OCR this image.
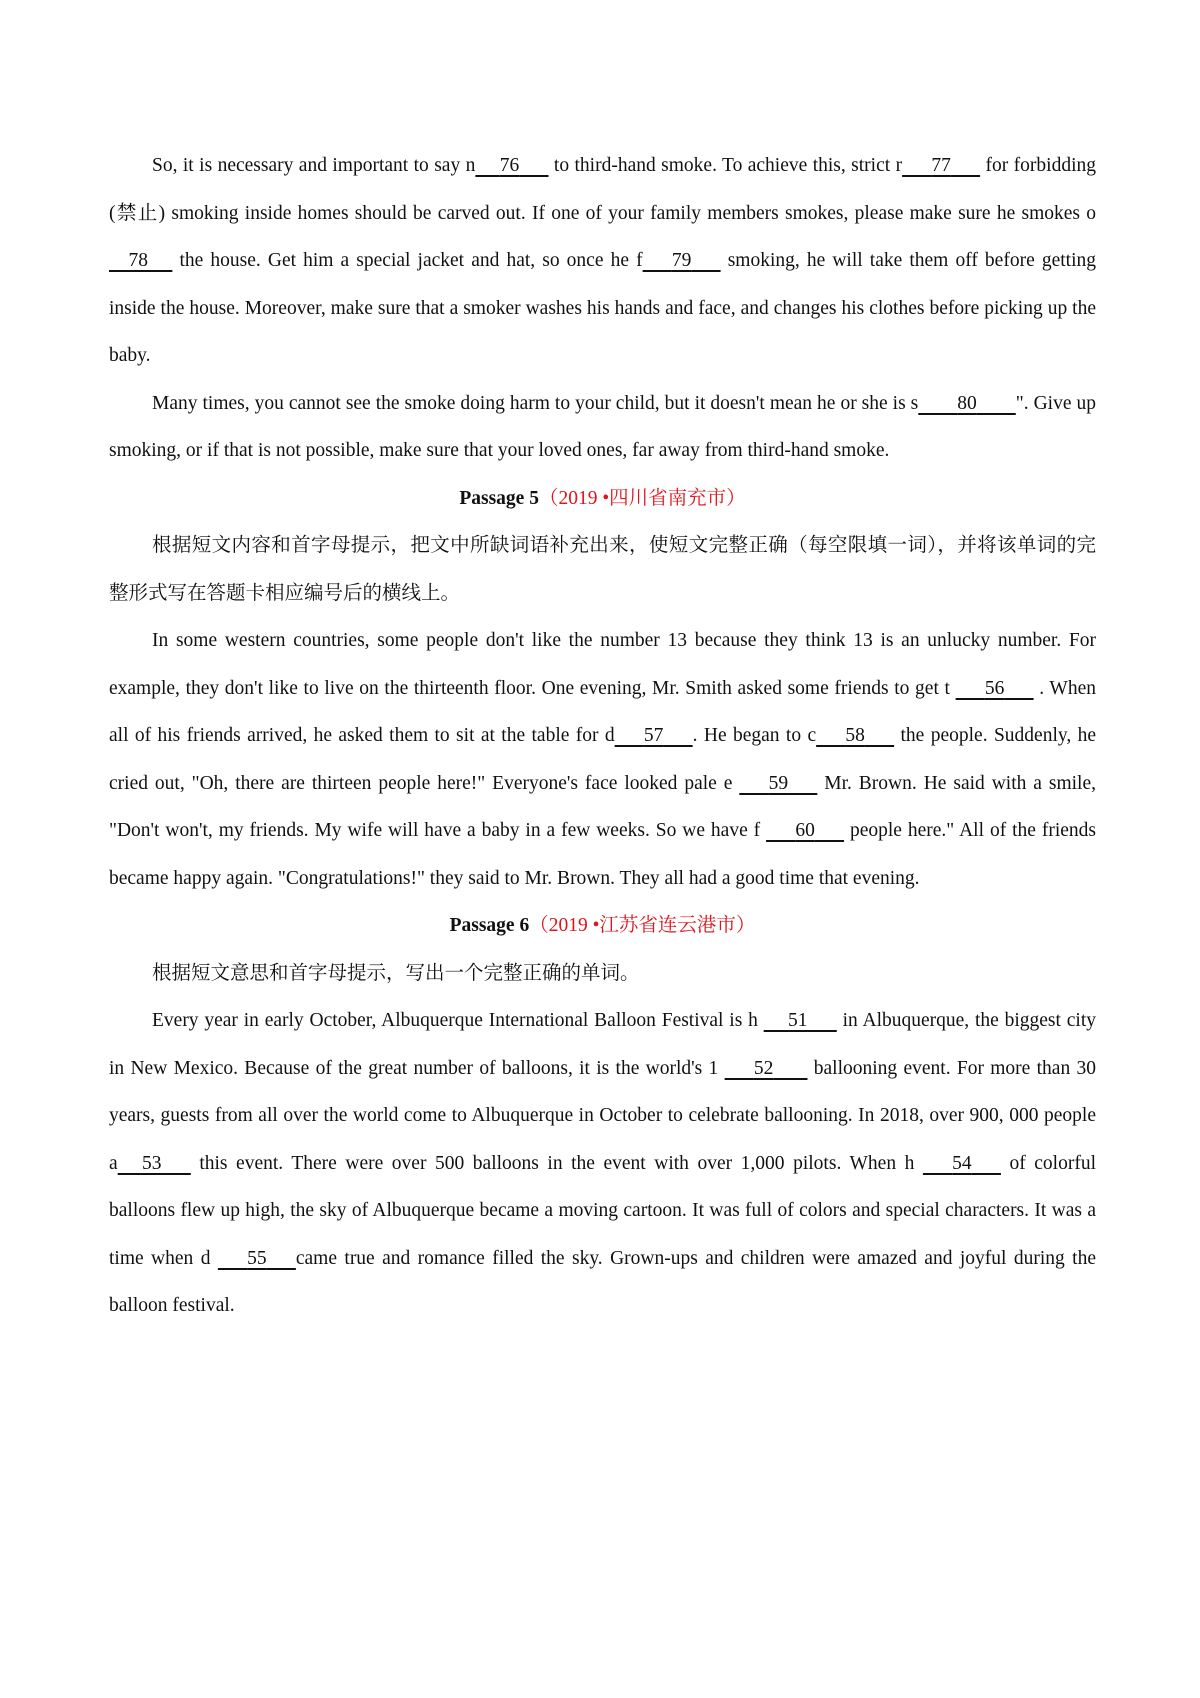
So, it is necessary and important to say n 76       to third-hand smoke. To achieve this, strict r 77       for forbidding (禁止) smoking inside homes should be carved out. If one of your family members smokes, please make sure he smokes o    78      the house. Get him a special jacket and hat, so once he f 79       smoking, he will take them off before getting inside the house. Moreover, make sure that a smoker washes his hands and face, and changes his clothes before picking up the baby.

Many times, you cannot see the smoke doing harm to your child, but it doesn't mean he or she is s 80 ". Give up smoking, or if that is not possible, make sure that your loved ones, far away from third-hand smoke.

Passage 5（2019 •四川省南充市）

根据短文内容和首字母提示，把文中所缺词语补充出来，使短文完整正确（每空限填一词），并将该单词的完整形式写在答题卡相应编号后的横线上。

In some western countries, some people don't like the number 13 because they think 13 is an unlucky number. For example, they don't like to live on the thirteenth floor. One evening, Mr. Smith asked some friends to get t       56       . When all of his friends arrived, he asked them to sit at the table for d 57 . He began to c 58       the people. Suddenly, he cried out, "Oh, there are thirteen people here!" Everyone's face looked pale e       59       Mr. Brown. He said with a smile, "Don't won't, my friends. My wife will have a baby in a few weeks. So we have f       60       people here." All of the friends became happy again. "Congratulations!" they said to Mr. Brown. They all had a good time that evening.

Passage 6（2019 •江苏省连云港市）

根据短文意思和首字母提示，写出一个完整正确的单词。

Every year in early October, Albuquerque International Balloon Festival is h      51       in Albuquerque, the biggest city in New Mexico. Because of the great number of balloons, it is the world's 1       52        ballooning event. For more than 30 years, guests from all over the world come to Albuquerque in October to celebrate ballooning. In 2018, over 900, 000 people a 53       this event. There were over 500 balloons in the event with over 1,000 pilots. When h       54       of colorful balloons flew up high, the sky of Albuquerque became a moving cartoon. It was full of colors and special characters. It was a time when d       55 came true and romance filled the sky. Grown-ups and children were amazed and joyful during the balloon festival.
